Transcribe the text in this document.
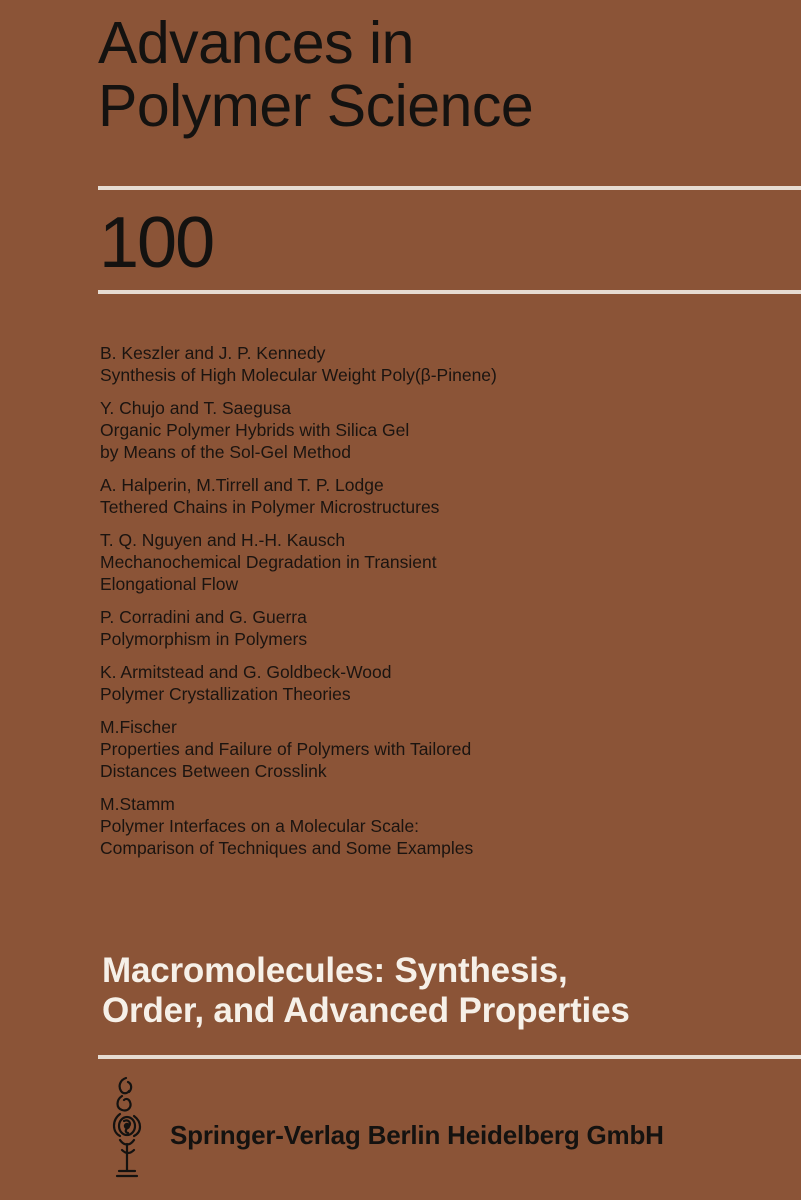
Advances in
Polymer Science
100
B. Keszler and J. P. Kennedy
Synthesis of High Molecular Weight Poly(β-Pinene)
Y. Chujo and T. Saegusa
Organic Polymer Hybrids with Silica Gel
by Means of the Sol-Gel Method
A. Halperin, M.Tirrell and T. P. Lodge
Tethered Chains in Polymer Microstructures
T. Q. Nguyen and H.-H. Kausch
Mechanochemical Degradation in Transient
Elongational Flow
P. Corradini and G. Guerra
Polymorphism in Polymers
K. Armitstead and G. Goldbeck-Wood
Polymer Crystallization Theories
M.Fischer
Properties and Failure of Polymers with Tailored
Distances Between Crosslink
M.Stamm
Polymer Interfaces on a Molecular Scale:
Comparison of Techniques and Some Examples
Macromolecules: Synthesis,
Order, and Advanced Properties
Springer-Verlag Berlin Heidelberg GmbH
